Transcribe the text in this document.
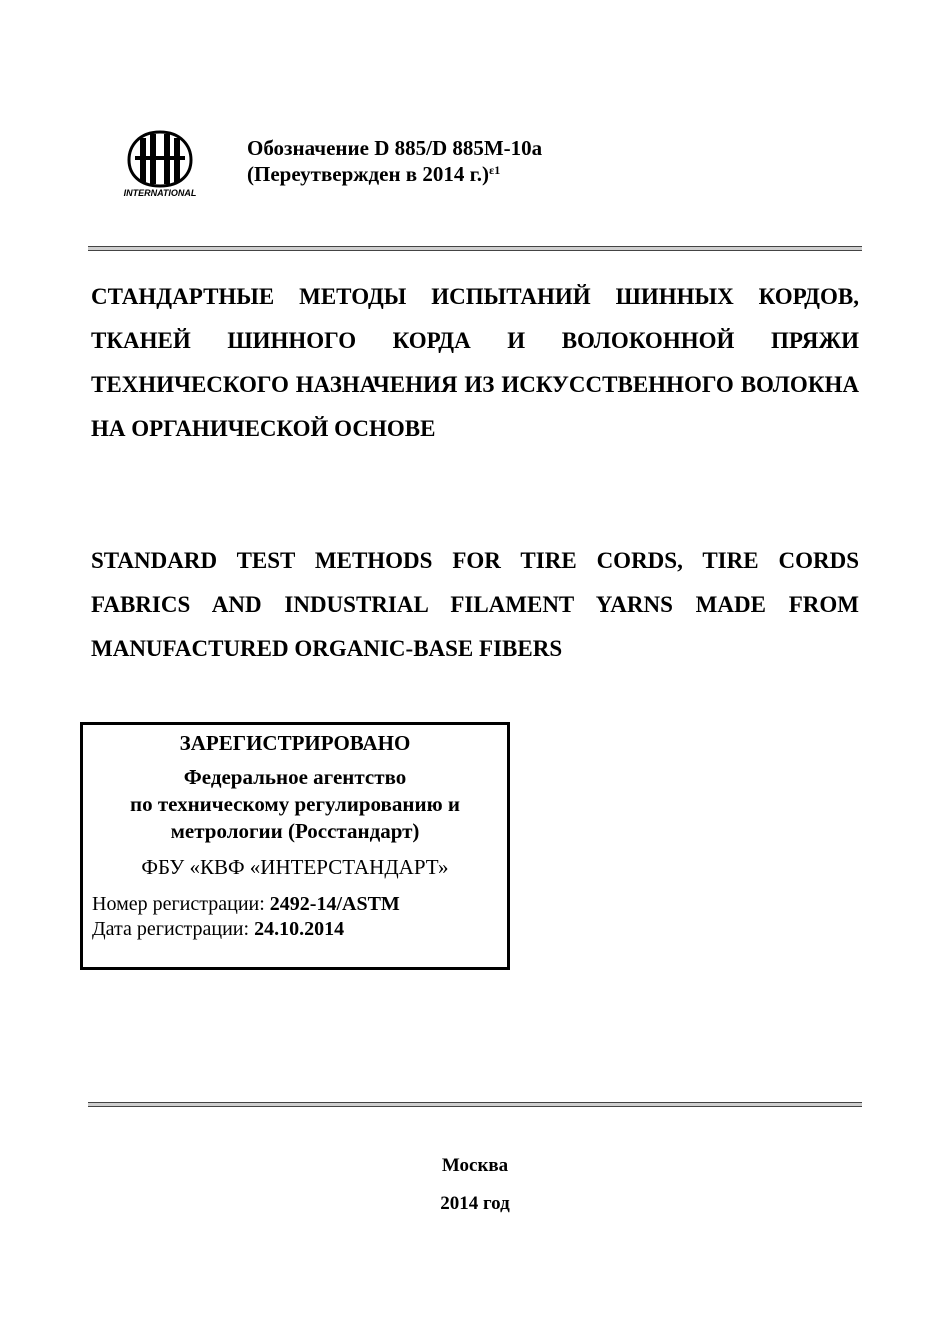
INTERNATIONAL
Обозначение D 885/D 885M-10a
(Переутвержден в 2014 г.)$^{\varepsilon 1}$

СТАНДАРТНЫЕ МЕТОДЫ ИСПЫТАНИЙ ШИННЫХ КОРДОВ, ТКАНЕЙ ШИННОГО КОРДА И ВОЛОКОННОЙ ПРЯЖИ ТЕХНИЧЕСКОГО НАЗНАЧЕНИЯ ИЗ ИСКУССТВЕННОГО ВОЛОКНА НА ОРГАНИЧЕСКОЙ ОСНОВЕ

STANDARD TEST METHODS FOR TIRE CORDS, TIRE CORDS FABRICS AND INDUSTRIAL FILAMENT YARNS MADE FROM MANUFACTURED ORGANIC-BASE FIBERS

ЗАРЕГИСТРИРОВАНО
Федеральное агентство
по техническому регулированию и
метрологии (Росстандарт)
ФБУ «КВФ «ИНТЕРСТАНДАРТ»
Номер регистрации: 2492-14/ASTM
Дата регистрации: 24.10.2014
Москва
2014 год
